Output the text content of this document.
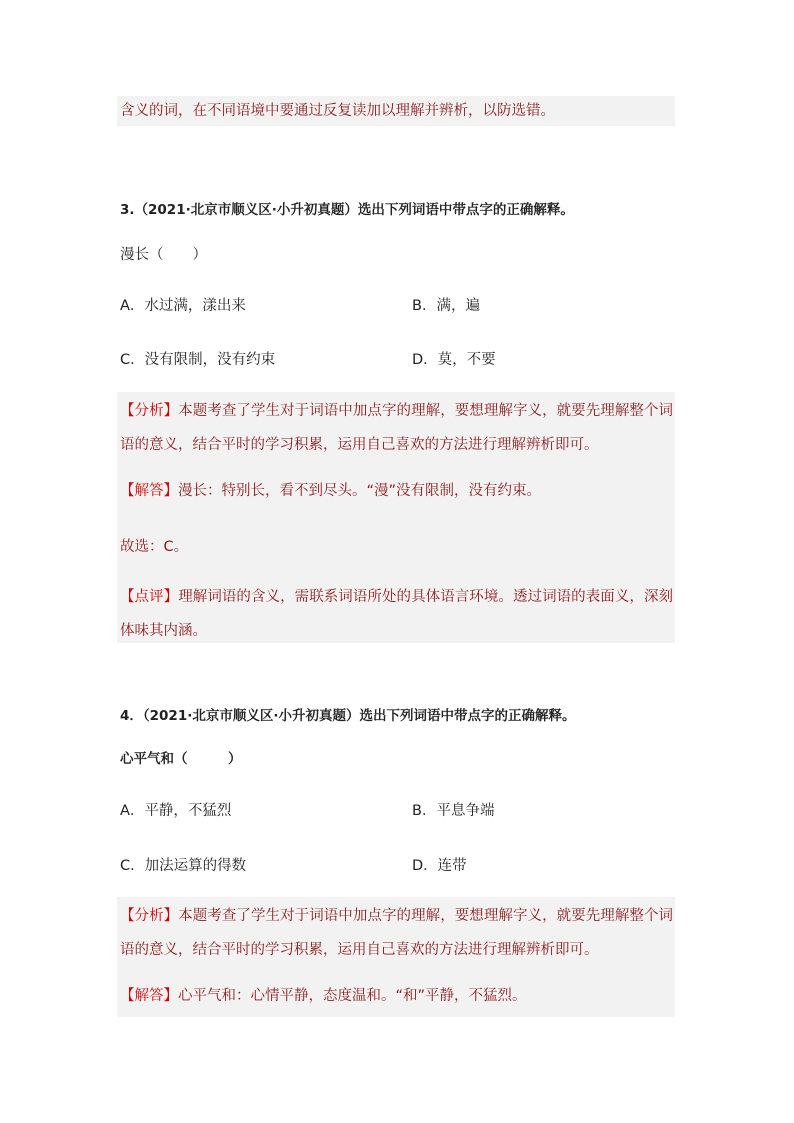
含义的词，在不同语境中要通过反复读加以理解并辨析，以防选错。
3.（2021·北京市顺义区·小升初真题）选出下列词语中带点字的正确解释。
漫长（　　）
A．水过满，漾出来	B．满，遍
C．没有限制，没有约束	D．莫，不要
【分析】本题考查了学生对于词语中加点字的理解，要想理解字义，就要先理解整个词语的意义，结合平时的学习积累，运用自己喜欢的方法进行理解辨析即可。
【解答】漫长：特别长，看不到尽头。“漫”没有限制，没有约束。
故选：C。
【点评】理解词语的含义，需联系词语所处的具体语言环境。透过词语的表面义，深刻体味其内涵。
4．（2021·北京市顺义区·小升初真题）选出下列词语中带点字的正确解释。
心平气和（　　　）
A．平静，不猛烈	B．平息争端
C．加法运算的得数	D．连带
【分析】本题考查了学生对于词语中加点字的理解，要想理解字义，就要先理解整个词语的意义，结合平时的学习积累，运用自己喜欢的方法进行理解辨析即可。
【解答】心平气和：心情平静，态度温和。“和”平静，不猛烈。
